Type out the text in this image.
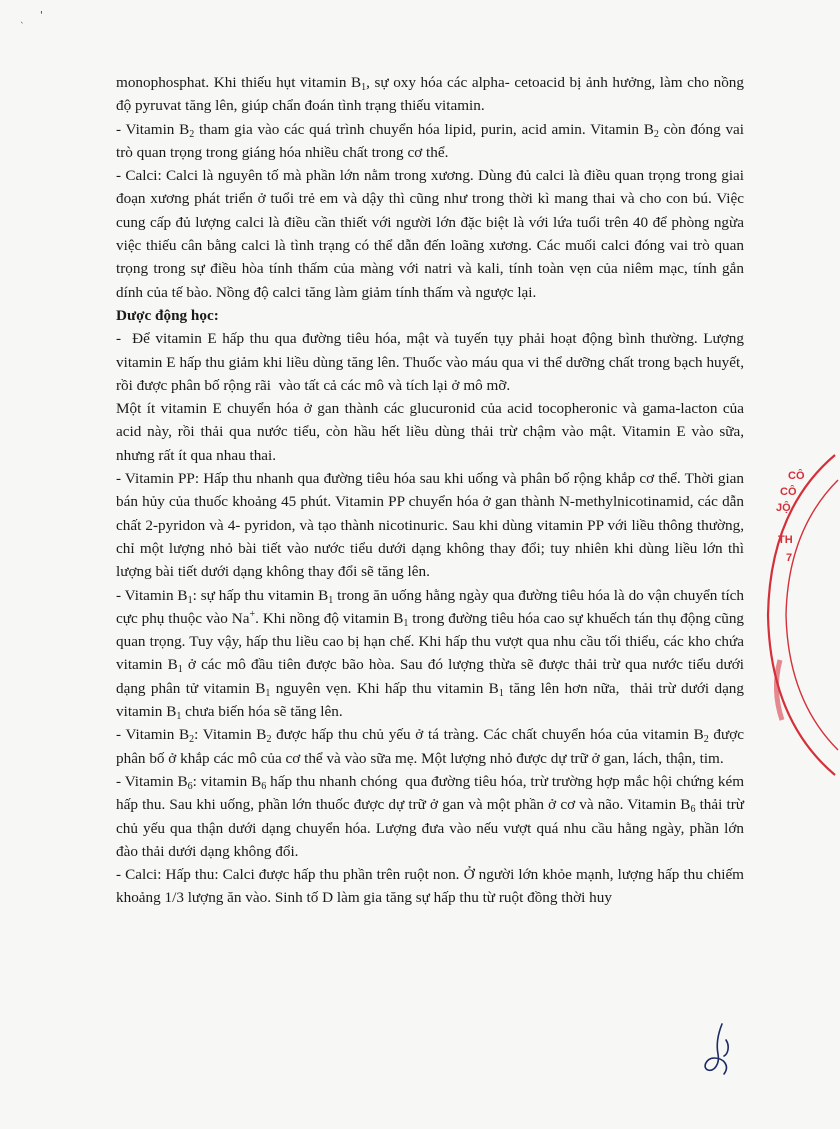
'
`

monophosphat. Khi thiếu hụt vitamin $B_1$, sự oxy hóa các alpha- cetoacid bị ảnh hưởng, làm cho nồng độ pyruvat tăng lên, giúp chẩn đoán tình trạng thiếu vitamin.

- Vitamin $B_2$ tham gia vào các quá trình chuyển hóa lipid, purin, acid amin. Vitamin $B_2$ còn đóng vai trò quan trọng trong giáng hóa nhiều chất trong cơ thể.

- Calci: Calci là nguyên tố mà phần lớn nằm trong xương. Dùng đủ calci là điều quan trọng trong giai đoạn xương phát triển ở tuổi trẻ em và dậy thì cũng như trong thời kì mang thai và cho con bú. Việc cung cấp đủ lượng calci là điều cần thiết với người lớn đặc biệt là với lứa tuổi trên 40 để phòng ngừa việc thiếu cân bằng calci là tình trạng có thể dẫn đến loãng xương. Các muối calci đóng vai trò quan trọng trong sự điều hòa tính thấm của màng với natri và kali, tính toàn vẹn của niêm mạc, tính gắn dính của tế bào. Nồng độ calci tăng làm giảm tính thấm và ngược lại.

Dược động học:

-  Để vitamin E hấp thu qua đường tiêu hóa, mật và tuyến tụy phải hoạt động bình thường. Lượng vitamin E hấp thu giảm khi liều dùng tăng lên. Thuốc vào máu qua vi thể dưỡng chất trong bạch huyết, rồi được phân bố rộng rãi  vào tất cả các mô và tích lại ở mô mỡ.

Một ít vitamin E chuyển hóa ở gan thành các glucuronid của acid tocopheronic và gama-lacton của acid này, rồi thải qua nước tiểu, còn hầu hết liều dùng thải trừ chậm vào mật. Vitamin E vào sữa, nhưng rất ít qua nhau thai.

- Vitamin PP: Hấp thu nhanh qua đường tiêu hóa sau khi uống và phân bố rộng khắp cơ thể. Thời gian bán hủy của thuốc khoảng 45 phút. Vitamin PP chuyển hóa ở gan thành N-methylnicotinamid, các dẫn chất 2-pyridon và 4- pyridon, và tạo thành nicotinuric. Sau khi dùng vitamin PP với liều thông thường, chỉ một lượng nhỏ bài tiết vào nước tiểu dưới dạng không thay đổi; tuy nhiên khi dùng liều lớn thì lượng bài tiết dưới dạng không thay đổi sẽ tăng lên.

- Vitamin $B_1$: sự hấp thu vitamin $B_1$ trong ăn uống hằng ngày qua đường tiêu hóa là do vận chuyển tích cực phụ thuộc vào Na+. Khi nồng độ vitamin $B_1$ trong đường tiêu hóa cao sự khuếch tán thụ động cũng quan trọng. Tuy vậy, hấp thu liều cao bị hạn chế. Khi hấp thu vượt qua nhu cầu tối thiểu, các kho chứa vitamin $B_1$ ở các mô đầu tiên được bão hòa. Sau đó lượng thừa sẽ được thải trừ qua nước tiểu dưới dạng phân tử vitamin $B_1$ nguyên vẹn. Khi hấp thu vitamin $B_1$ tăng lên hơn nữa,  thải trừ dưới dạng vitamin $B_1$ chưa biến hóa sẽ tăng lên.

- Vitamin $B_2$: Vitamin $B_2$ được hấp thu chủ yếu ở tá tràng. Các chất chuyển hóa của vitamin $B_2$ được phân bố ở khắp các mô của cơ thể và vào sữa mẹ. Một lượng nhỏ được dự trữ ở gan, lách, thận, tim.

- Vitamin $B_6$: vitamin $B_6$ hấp thu nhanh chóng  qua đường tiêu hóa, trừ trường hợp mắc hội chứng kém hấp thu. Sau khi uống, phần lớn thuốc được dự trữ ở gan và một phần ở cơ và não. Vitamin $B_6$ thải trừ chủ yếu qua thận dưới dạng chuyển hóa. Lượng đưa vào nếu vượt quá nhu cầu hằng ngày, phần lớn đào thải dưới dạng không đổi.

- Calci: Hấp thu: Calci được hấp thu phần trên ruột non. Ở người lớn khỏe mạnh, lượng hấp thu chiếm khoảng 1/3 lượng ăn vào. Sinh tố D làm gia tăng sự hấp thu từ ruột đồng thời huy

CÔ
CÔ
JỘ
TH
7
